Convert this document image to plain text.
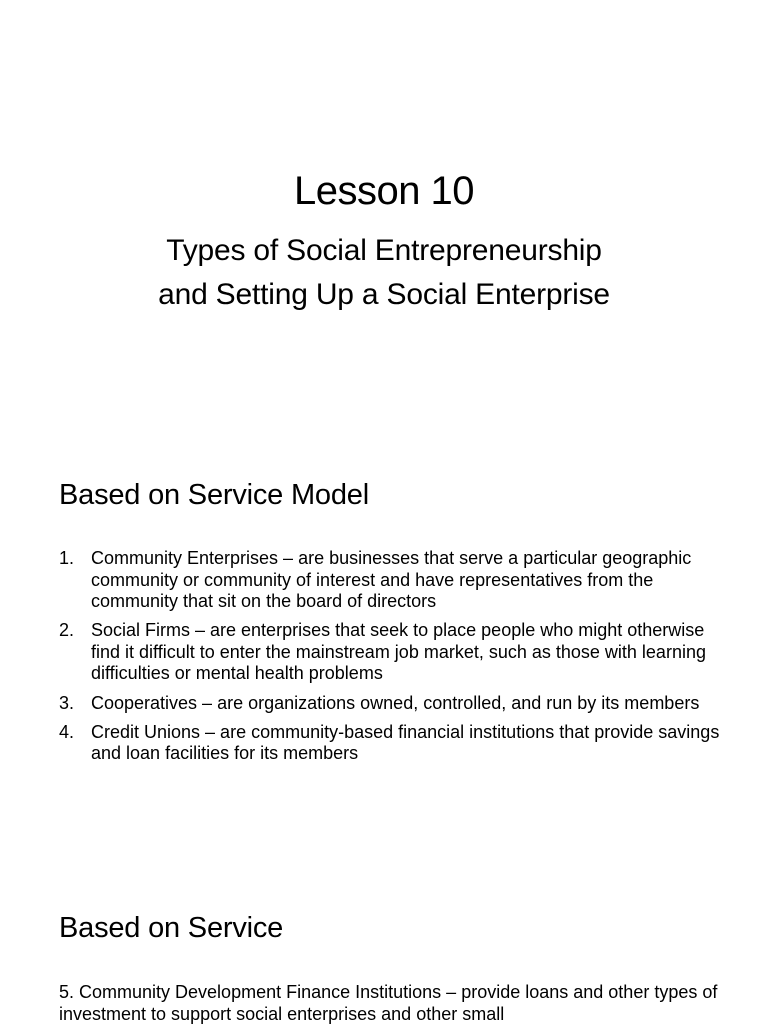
Lesson 10
Types of Social Entrepreneurship
and Setting Up a Social Enterprise
Based on Service Model
1. Community Enterprises – are businesses that serve a particular geographic community or community of interest and have representatives from the community that sit on the board of directors
2. Social Firms – are enterprises that seek to place people who might otherwise find it difficult to enter the mainstream job market, such as those with learning difficulties or mental health problems
3. Cooperatives – are organizations owned, controlled, and run by its members
4. Credit Unions – are community-based financial institutions that provide savings and loan facilities for its members
Based on Service

5. Community Development Finance Institutions – provide loans and other types of investment to support social enterprises and other small
